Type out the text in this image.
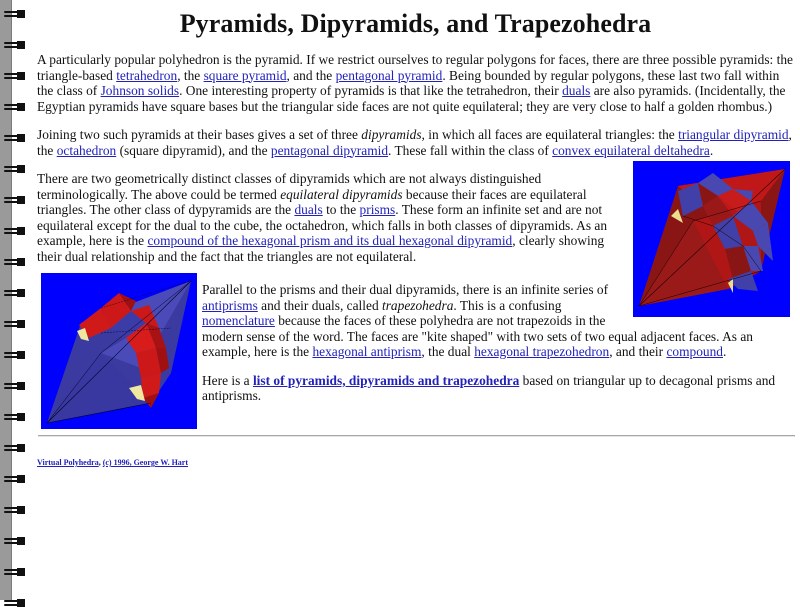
Pyramids, Dipyramids, and Trapezohedra

A particularly popular polyhedron is the pyramid. If we restrict ourselves to regular polygons for faces, there are three possible pyramids: the triangle-based tetrahedron, the square pyramid, and the pentagonal pyramid. Being bounded by regular polygons, these last two fall within the class of Johnson solids. One interesting property of pyramids is that like the tetrahedron, their duals are also pyramids. (Incidentally, the Egyptian pyramids have square bases but the triangular side faces are not quite equilateral; they are very close to half a golden rhombus.)

Joining two such pyramids at their bases gives a set of three dipyramids, in which all faces are equilateral triangles: the triangular dipyramid, the octahedron (square dipyramid), and the pentagonal dipyramid. These fall within the class of convex equilateral deltahedra.

There are two geometrically distinct classes of dipyramids which are not always distinguished terminologically. The above could be termed equilateral dipyramids because their faces are equilateral triangles. The other class of dypyramids are the duals to the prisms. These form an infinite set and are not equilateral except for the dual to the cube, the octahedron, which falls in both classes of dipyramids. As an example, here is the compound of the hexagonal prism and its dual hexagonal dipyramid, clearly showing their dual relationship and the fact that the triangles are not equilateral.

Parallel to the prisms and their dual dipyramids, there is an infinite series of antiprisms and their duals, called trapezohedra. This is a confusing nomenclature because the faces of these polyhedra are not trapezoids in the modern sense of the word. The faces are "kite shaped" with two sets of two equal adjacent faces. As an example, here is the hexagonal antiprism, the dual hexagonal trapezohedron, and their compound.

Here is a list of pyramids, dipyramids and trapezohedra based on triangular up to decagonal prisms and antiprisms.

Virtual Polyhedra, (c) 1996, George W. Hart
